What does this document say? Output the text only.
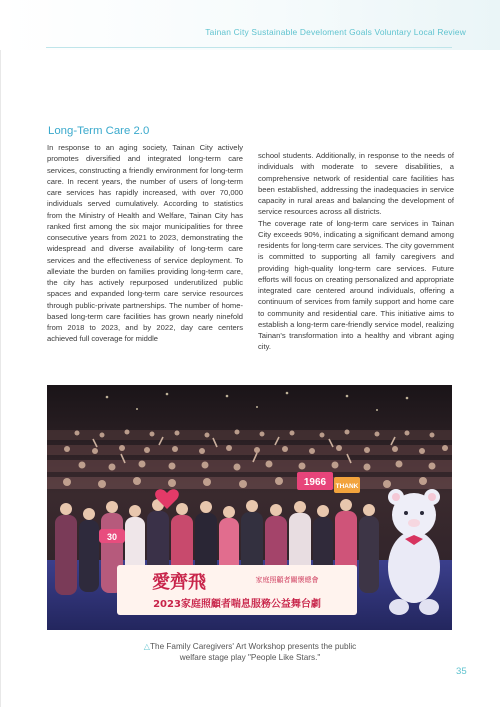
Tainan City Sustainable Develoment Goals Voluntary Local Review
Long-Term Care 2.0

In response to an aging society, Tainan City actively promotes diversified and integrated long-term care services, constructing a friendly environment for long-term care. In recent years, the number of users of long-term care services has rapidly increased, with over 70,000 individuals served cumulatively. According to statistics from the Ministry of Health and Welfare, Tainan City has ranked first among the six major municipalities for three consecutive years from 2021 to 2023, demonstrating the widespread and diverse availability of long-term care services and the effectiveness of service deployment. To alleviate the burden on families providing long-term care, the city has actively repurposed underutilized public spaces and expanded long-term care service resources through public-private partnerships. The number of home-based long-term care facilities has grown nearly ninefold from 2018 to 2023, and by 2022, day care centers achieved full coverage for middle

school students. Additionally, in response to the needs of individuals with moderate to severe disabilities, a comprehensive network of residential care facilities has been established, addressing the inadequacies in service capacity in rural areas and balancing the development of service resources across all districts.

The coverage rate of long-term care services in Tainan City exceeds 90%, indicating a significant demand among residents for long-term care services. The city government is committed to supporting all family caregivers and providing high-quality long-term care services. Future efforts will focus on creating personalized and appropriate integrated care centered around individuals, offering a continuum of services from family support and home care to community and residential care. This initiative aims to establish a long-term care-friendly service model, realizing Tainan's transformation into a healthy and vibrant aging city.

1966 THANK
30
愛齊飛	家庭照顧者關懷總會
2023家庭照顧者喘息服務公益舞台劇
△The Family Caregivers' Art Workshop presents the public
welfare stage play "People Like Stars."
35
